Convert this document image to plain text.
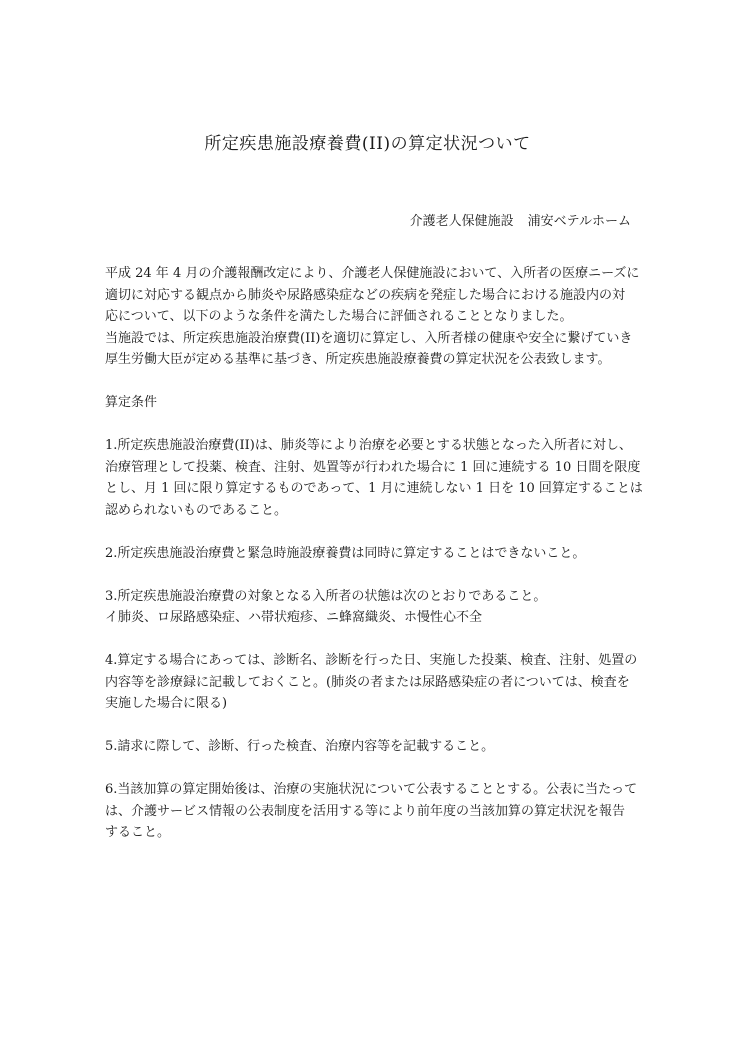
所定疾患施設療養費(II)の算定状況ついて
介護老人保健施設 浦安ベテルホーム
平成 24 年 4 月の介護報酬改定により、介護老人保健施設において、入所者の医療ニーズに
適切に対応する観点から肺炎や尿路感染症などの疾病を発症した場合における施設内の対
応について、以下のような条件を満たした場合に評価されることとなりました。
当施設では、所定疾患施設治療費(II)を適切に算定し、入所者様の健康や安全に繋げていき
厚生労働大臣が定める基準に基づき、所定疾患施設療養費の算定状況を公表致します。
算定条件
1.所定疾患施設治療費(II)は、肺炎等により治療を必要とする状態となった入所者に対し、
治療管理として投薬、検査、注射、処置等が行われた場合に 1 回に連続する 10 日間を限度
とし、月 1 回に限り算定するものであって、1 月に連続しない 1 日を 10 回算定することは
認められないものであること。
2.所定疾患施設治療費と緊急時施設療養費は同時に算定することはできないこと。
3.所定疾患施設治療費の対象となる入所者の状態は次のとおりであること。
イ肺炎、ロ尿路感染症、ハ帯状疱疹、ニ蜂窩織炎、ホ慢性心不全
4.算定する場合にあっては、診断名、診断を行った日、実施した投薬、検査、注射、処置の
内容等を診療録に記載しておくこと。(肺炎の者または尿路感染症の者については、検査を
実施した場合に限る)
5.請求に際して、診断、行った検査、治療内容等を記載すること。
6.当該加算の算定開始後は、治療の実施状況について公表することとする。公表に当たって
は、介護サービス情報の公表制度を活用する等により前年度の当該加算の算定状況を報告
すること。
